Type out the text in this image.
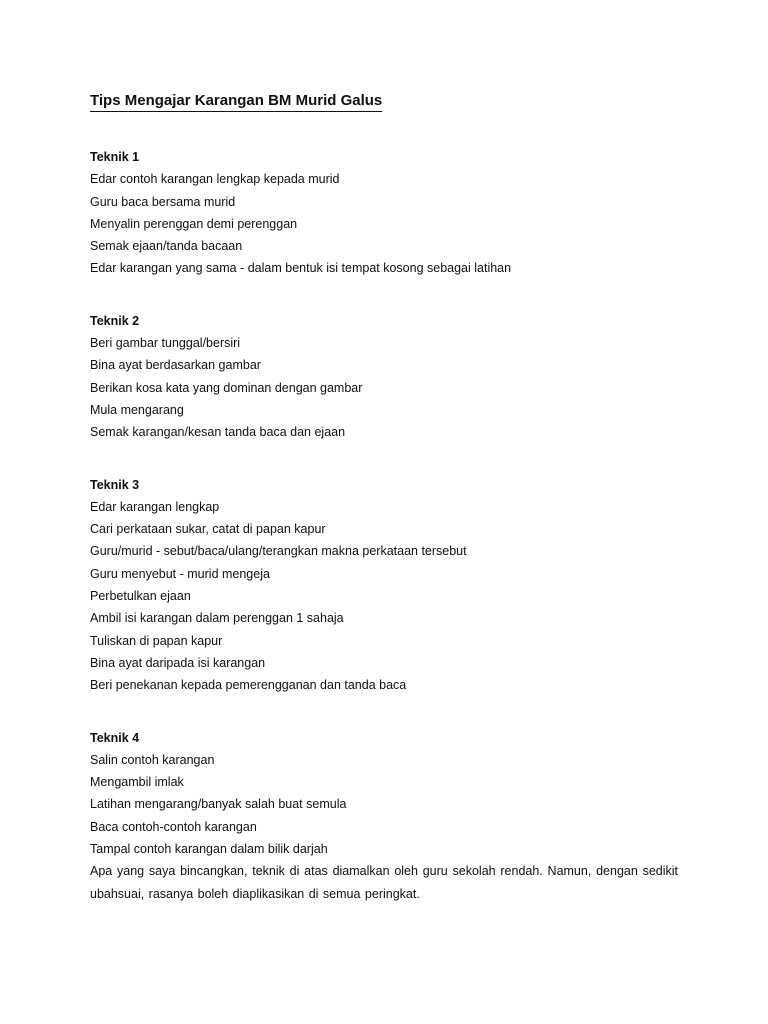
Tips Mengajar Karangan BM Murid Galus

Teknik 1

Edar contoh karangan lengkap kepada murid

Guru baca bersama murid

Menyalin perenggan demi perenggan

Semak ejaan/tanda bacaan

Edar karangan yang sama - dalam bentuk isi tempat kosong sebagai latihan

Teknik 2

Beri gambar tunggal/bersiri

Bina ayat berdasarkan gambar

Berikan kosa kata yang dominan dengan gambar

Mula mengarang

Semak karangan/kesan tanda baca dan ejaan

Teknik 3

Edar karangan lengkap

Cari perkataan sukar, catat di papan kapur

Guru/murid - sebut/baca/ulang/terangkan makna perkataan tersebut

Guru menyebut - murid mengeja

Perbetulkan ejaan

Ambil isi karangan dalam perenggan 1 sahaja

Tuliskan di papan kapur

Bina ayat daripada isi karangan

Beri penekanan kepada pemerengganan dan tanda baca

Teknik 4

Salin contoh karangan

Mengambil imlak

Latihan mengarang/banyak salah buat semula

Baca contoh-contoh karangan

Tampal contoh karangan dalam bilik darjah

Apa yang saya bincangkan, teknik di atas diamalkan oleh guru sekolah rendah. Namun, dengan sedikit ubahsuai, rasanya boleh diaplikasikan di semua peringkat.
